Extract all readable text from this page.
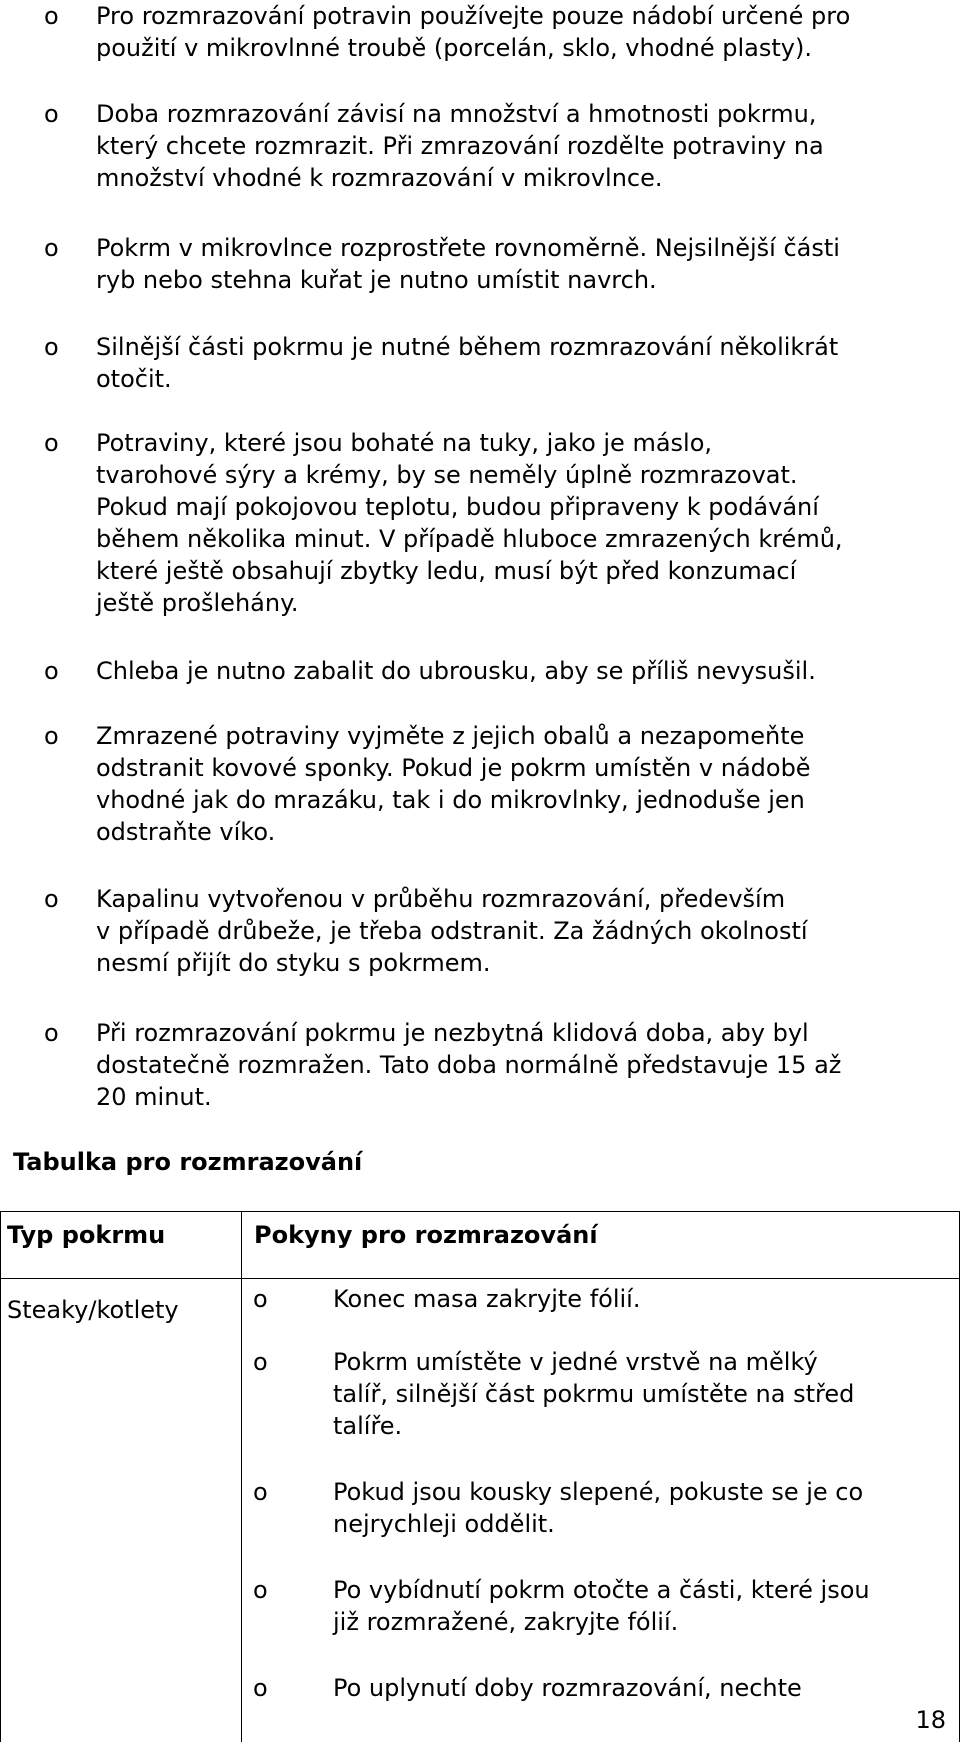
o Pro rozmrazování potravin používejte pouze nádobí určené pro
použití v mikrovlnné troubě (porcelán, sklo, vhodné plasty).

o Doba rozmrazování závisí na množství a hmotnosti pokrmu,
který chcete rozmrazit. Při zmrazování rozdělte potraviny na
množství vhodné k rozmrazování v mikrovlnce.

o Pokrm v mikrovlnce rozprostřete rovnoměrně. Nejsilnější části
ryb nebo stehna kuřat je nutno umístit navrch.

o Silnější části pokrmu je nutné během rozmrazování několikrát
otočit.

o Potraviny, které jsou bohaté na tuky, jako je máslo,
tvarohové sýry a krémy, by se neměly úplně rozmrazovat.
Pokud mají pokojovou teplotu, budou připraveny k podávání
během několika minut. V případě hluboce zmrazených krémů,
které ještě obsahují zbytky ledu, musí být před konzumací
ještě prošlehány.

o Chleba je nutno zabalit do ubrousku, aby se příliš nevysušil.

o Zmrazené potraviny vyjměte z jejich obalů a nezapomeňte
odstranit kovové sponky. Pokud je pokrm umístěn v nádobě
vhodné jak do mrazáku, tak i do mikrovlnky, jednoduše jen
odstraňte víko.

o Kapalinu vytvořenou v průběhu rozmrazování, především
v případě drůbeže, je třeba odstranit. Za žádných okolností
nesmí přijít do styku s pokrmem.

o Při rozmrazování pokrmu je nezbytná klidová doba, aby byl
dostatečně rozmražen. Tato doba normálně představuje 15 až
20 minut.

Tabulka pro rozmrazování

Typ pokrmu	Pokyny pro rozmrazování

Steaky/kotlety	o	Konec masa zakryjte fólií.
o	Pokrm umístěte v jedné vrstvě na mělký
talíř, silnější část pokrmu umístěte na střed
talíře.
o	Pokud jsou kousky slepené, pokuste se je co
nejrychleji oddělit.
o	Po vybídnutí pokrm otočte a části, které jsou
již rozmražené, zakryjte fólií.
o	Po uplynutí doby rozmrazování, nechte
18
